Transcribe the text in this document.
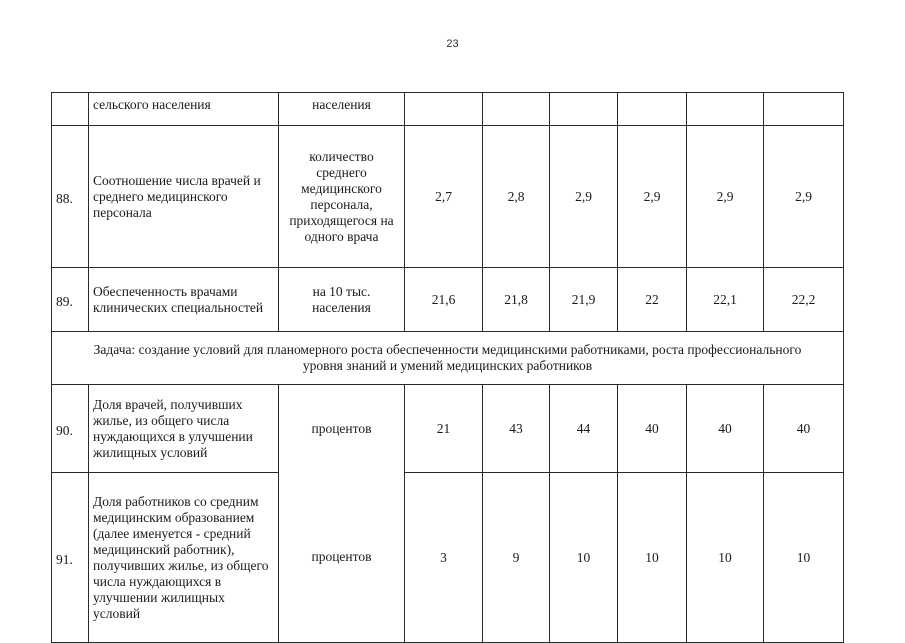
23
	сельского населения	населения						
88.	Соотношение числа врачей и среднего медицинского персонала	количество среднего медицинского персонала, приходящегося на одного врача	2,7	2,8	2,9	2,9	2,9	2,9
89.	Обеспеченность врачами клинических специальностей	на 10 тыс. населения	21,6	21,8	21,9	22	22,1	22,2
Задача: создание условий для планомерного роста обеспеченности медицинскими работниками, роста профессионального уровня знаний и умений медицинских работников								
90.	Доля врачей, получивших жилье, из общего числа нуждающихся в улучшении жилищных условий	процентов	21	43	44	40	40	40
91.	Доля работников со средним медицинским образованием (далее именуется - средний медицинский работник), получивших жилье, из общего числа нуждающихся в улучшении жилищных условий	процентов	3	9	10	10	10	10
